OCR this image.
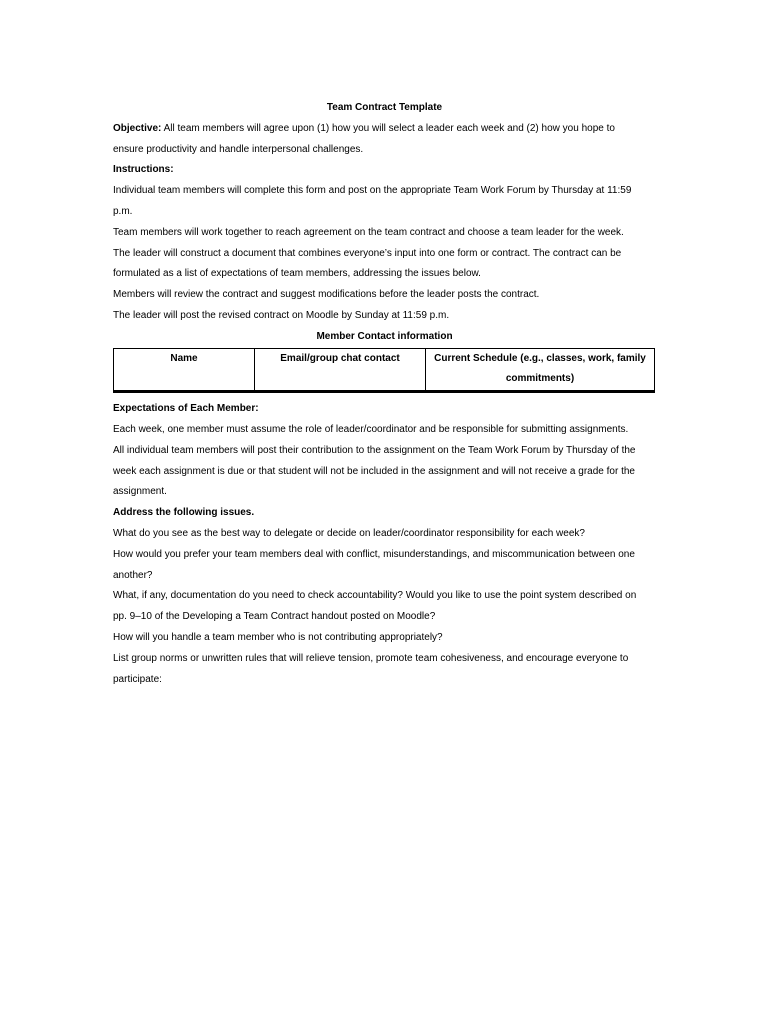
Team Contract Template

Objective: All team members will agree upon (1) how you will select a leader each week and (2) how you hope to

ensure productivity and handle interpersonal challenges.

Instructions:

Individual team members will complete this form and post on the appropriate Team Work Forum by Thursday at 11:59

p.m.

Team members will work together to reach agreement on the team contract and choose a team leader for the week.

The leader will construct a document that combines everyone’s input into one form or contract. The contract can be

formulated as a list of expectations of team members, addressing the issues below.

Members will review the contract and suggest modifications before the leader posts the contract.

The leader will post the revised contract on Moodle by Sunday at 11:59 p.m.

Member Contact information
Name	Email/group chat contact	Current Schedule (e.g., classes, work, family commitments)

Expectations of Each Member:

Each week, one member must assume the role of leader/coordinator and be responsible for submitting assignments.

All individual team members will post their contribution to the assignment on the Team Work Forum by Thursday of the

week each assignment is due or that student will not be included in the assignment and will not receive a grade for the

assignment.

Address the following issues.

What do you see as the best way to delegate or decide on leader/coordinator responsibility for each week?

How would you prefer your team members deal with conflict, misunderstandings, and miscommunication between one

another?

What, if any, documentation do you need to check accountability? Would you like to use the point system described on

pp. 9–10 of the Developing a Team Contract handout posted on Moodle?

How will you handle a team member who is not contributing appropriately?

List group norms or unwritten rules that will relieve tension, promote team cohesiveness, and encourage everyone to

participate:
